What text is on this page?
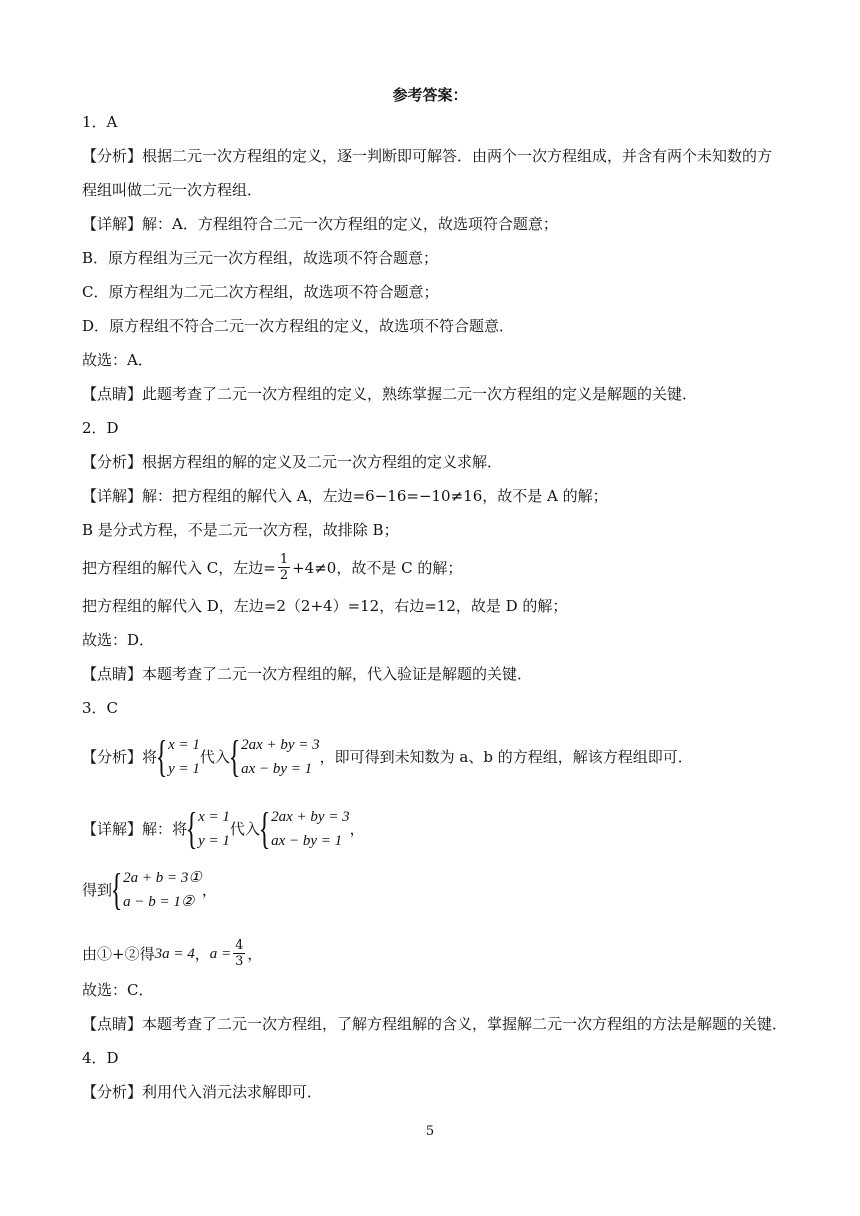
参考答案：
1．A
【分析】根据二元一次方程组的定义，逐一判断即可解答．由两个一次方程组成，并含有两个未知数的方
程组叫做二元一次方程组．
【详解】解：A．方程组符合二元一次方程组的定义，故选项符合题意；
B．原方程组为三元一次方程组，故选项不符合题意；
C．原方程组为二元二次方程组，故选项不符合题意；
D．原方程组不符合二元一次方程组的定义，故选项不符合题意．
故选：A．
【点睛】此题考查了二元一次方程组的定义，熟练掌握二元一次方程组的定义是解题的关键．
2．D
【分析】根据方程组的解的定义及二元一次方程组的定义求解．
【详解】解：把方程组的解代入 A，左边=6−16=−10≠16，故不是 A 的解；
B 是分式方程，不是二元一次方程，故排除 B；
把方程组的解代入 C，左边= $\frac{1}{2} +4\ne 0$，故不是 C 的解；
把方程组的解代入 D，左边=2（2+4）=12，右边=12，故是 D 的解；
故选：D．
【点睛】本题考查了二元一次方程组的解，代入验证是解题的关键．
3．C
【分析】将
{ x = 1
y = 1
代入
{ 2ax + by = 3
ax − by = 1
，即可得到未知数为 a、b 的方程组，解该方程组即可．
【详解】解：将
{ x = 1
y = 1
代入
{ 2ax + by = 3
ax − by = 1
，
得到
{ 2a + b = 3①
a − b = 1②
，
由①+②得 3a = 4 ， $a = \frac{4}{3}$ ，
故选：C．
【点睛】本题考查了二元一次方程组，了解方程组解的含义，掌握解二元一次方程组的方法是解题的关键．
4．D
【分析】利用代入消元法求解即可．
5
